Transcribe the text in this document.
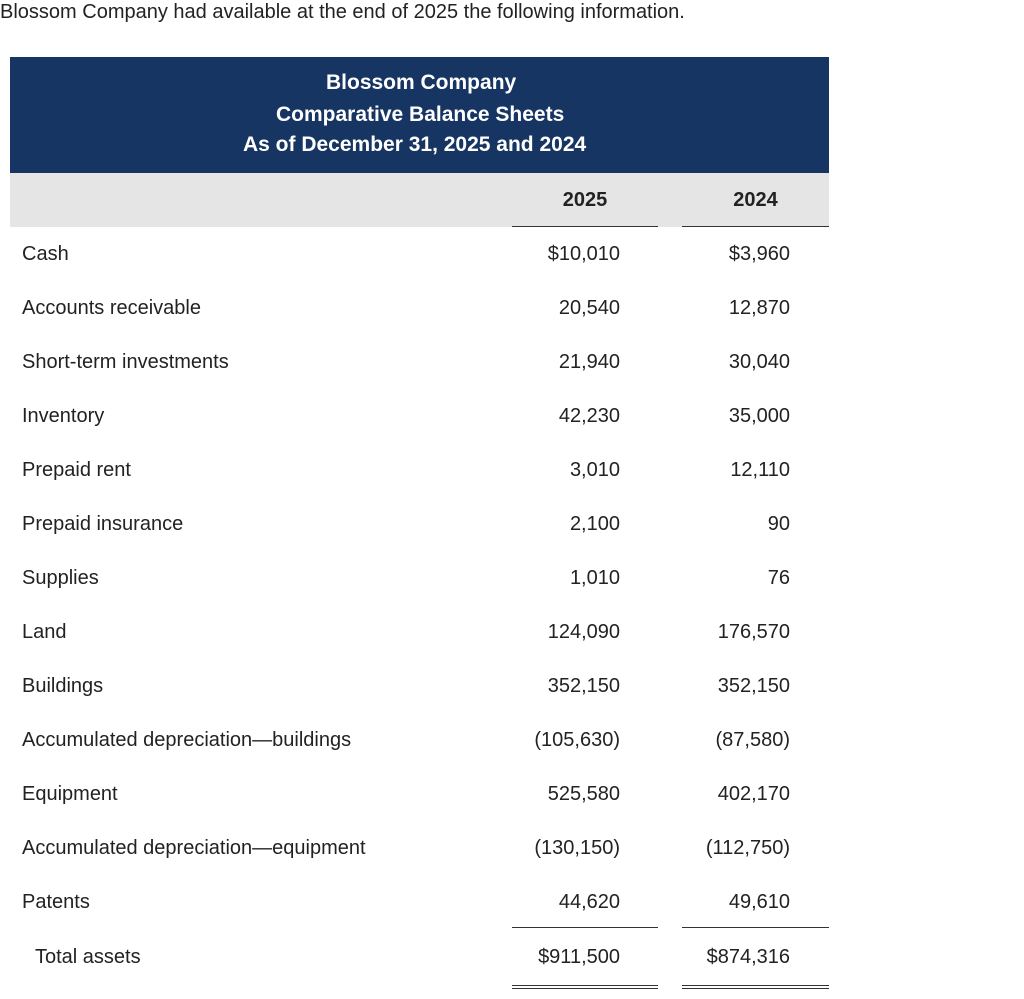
Blossom Company had available at the end of 2025 the following information.
Blossom Company
Comparative Balance Sheets
As of December 31, 2025 and 2024
2025	2024
Cash	$10,010	$3,960
Accounts receivable	20,540	12,870
Short-term investments	21,940	30,040
Inventory	42,230	35,000
Prepaid rent	3,010	12,110
Prepaid insurance	2,100	90
Supplies	1,010	76
Land	124,090	176,570
Buildings	352,150	352,150
Accumulated depreciation—buildings	(105,630)	(87,580)
Equipment	525,580	402,170
Accumulated depreciation—equipment	(130,150)	(112,750)
Patents	44,620	49,610
Total assets	$911,500	$874,316
